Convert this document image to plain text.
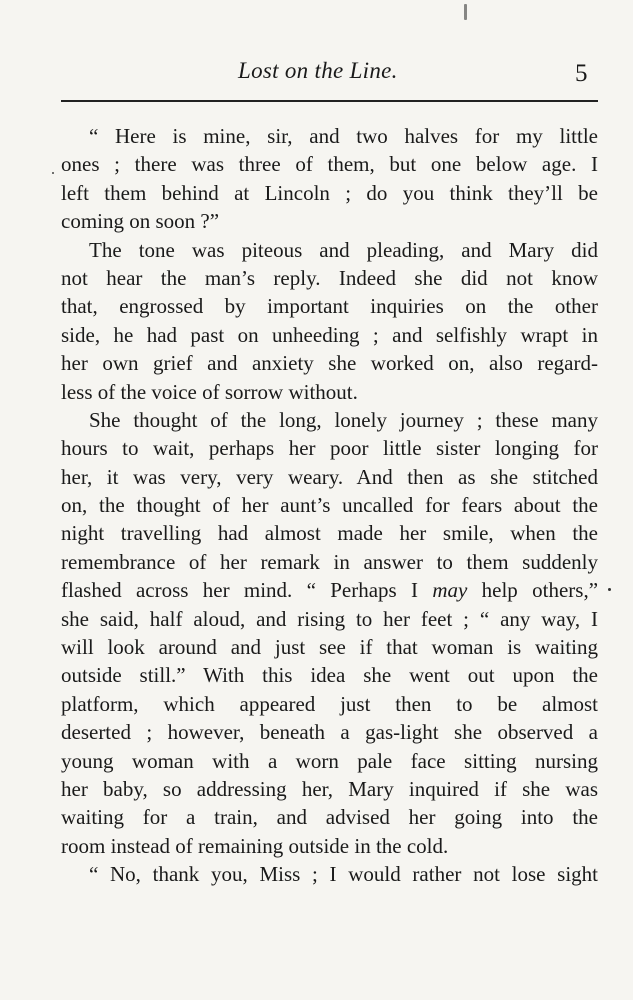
Lost on the Line.	5
“ Here is mine, sir, and two halves for my little
ones ; there was three of them, but one below age. I
left them behind at Lincoln ; do you think they’ll be
coming on soon ?”
The tone was piteous and pleading, and Mary did
not hear the man’s reply. Indeed she did not know
that, engrossed by important inquiries on the other
side, he had past on unheeding ; and selfishly wrapt in
her own grief and anxiety she worked on, also regard-
less of the voice of sorrow without.
She thought of the long, lonely journey ; these many
hours to wait, perhaps her poor little sister longing for
her, it was very, very weary. And then as she stitched
on, the thought of her aunt’s uncalled for fears about the
night travelling had almost made her smile, when the
remembrance of her remark in answer to them suddenly
flashed across her mind. “ Perhaps I may help others,”
she said, half aloud, and rising to her feet ; “ any way, I
will look around and just see if that woman is waiting
outside still.” With this idea she went out upon the
platform, which appeared just then to be almost
deserted ; however, beneath a gas-light she observed a
young woman with a worn pale face sitting nursing
her baby, so addressing her, Mary inquired if she was
waiting for a train, and advised her going into the
room instead of remaining outside in the cold.
“ No, thank you, Miss ; I would rather not lose sight
